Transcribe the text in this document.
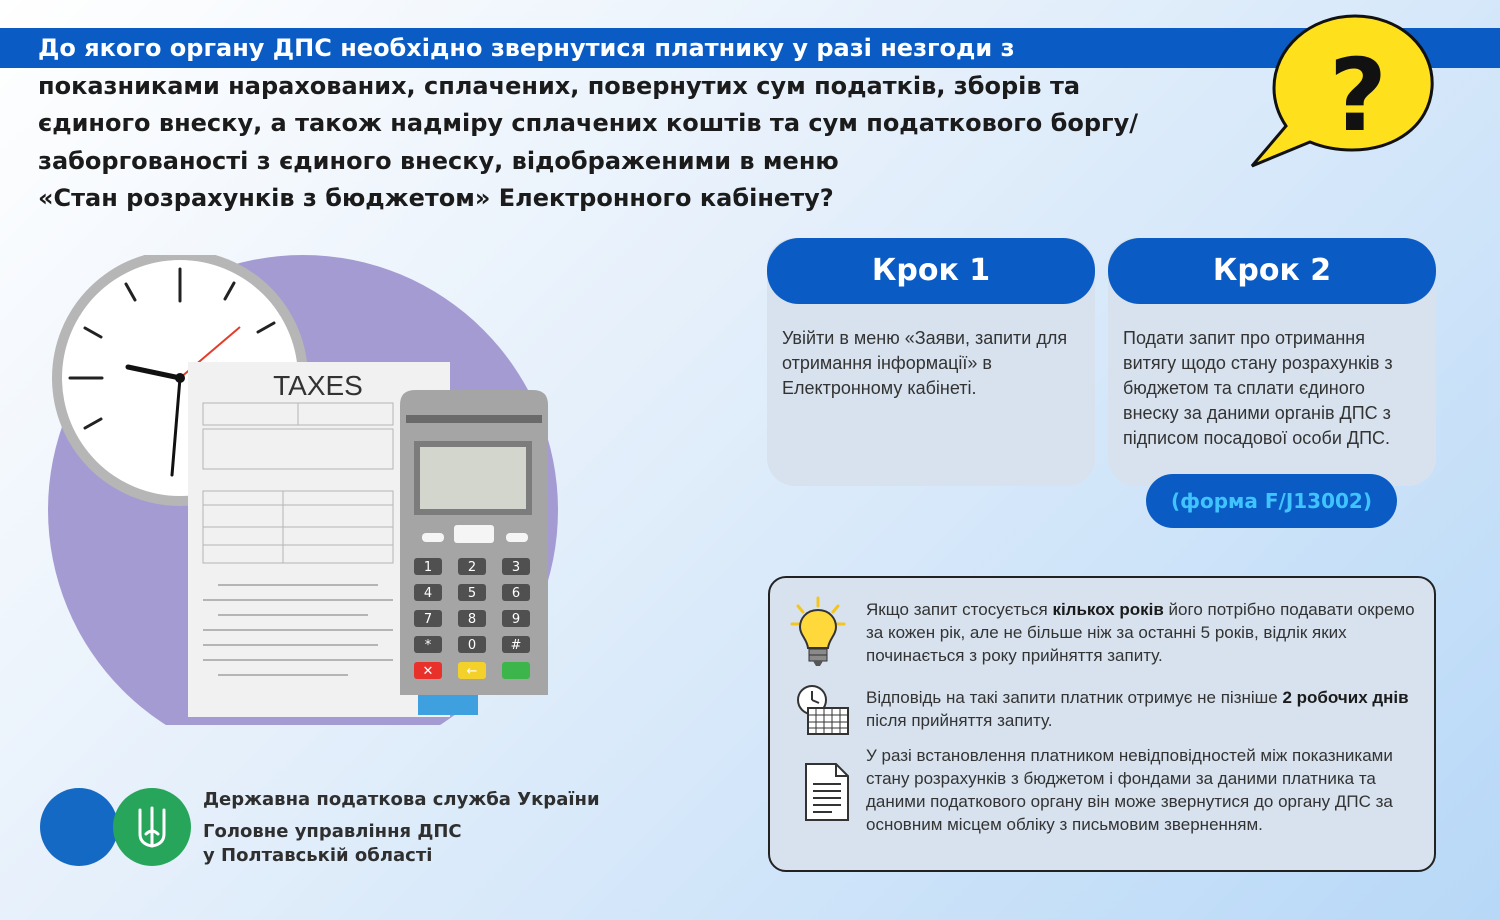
До якого органу ДПС необхідно звернутися платнику у разі незгоди з
показниками нарахованих, сплачених, повернутих сум податків, зборів та
єдиного внеску, а також надміру сплачених коштів та сум податкового боргу/
заборгованості з єдиного внеску, відображеними в меню
«Стан розрахунків з бюджетом» Електронного кабінету?
?
TAXES
1	2	3
4	5	6
7	8	9
*	0	#
✕	←
Крок 1
Увійти в меню «Заяви, запити для отримання інформації» в Електронному кабінеті.
Крок 2
Подати запит про отримання витягу щодо стану розрахунків з бюджетом та сплати єдиного внеску за даними органів ДПС з підписом посадової особи ДПС.
(форма F/J13002)
Якщо запит стосується кількох років його потрібно подавати окремо за кожен рік, але не більше ніж за останні 5 років, відлік яких починається з року прийняття запиту.
Відповідь на такі запити платник отримує не пізніше 2 робочих днів після прийняття запиту.
У разі встановлення платником невідповідностей між показниками стану розрахунків з бюджетом і фондами за даними платника та даними податкового органу він може звернутися до органу ДПС за основним місцем обліку з письмовим зверненням.
Державна податкова служба України
Головне управління ДПС
у Полтавській області
